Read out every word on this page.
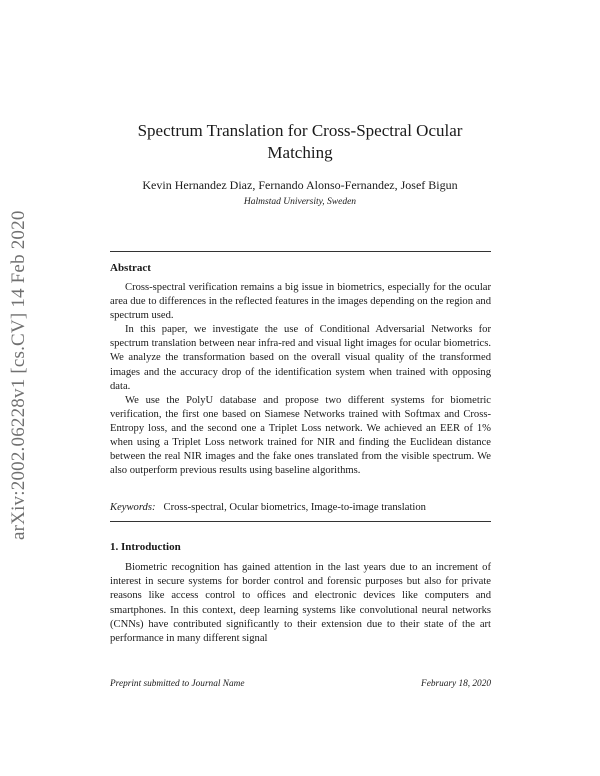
arXiv:2002.06228v1 [cs.CV] 14 Feb 2020
Spectrum Translation for Cross-Spectral Ocular
Matching
Kevin Hernandez Diaz, Fernando Alonso-Fernandez, Josef Bigun
Halmstad University, Sweden
Abstract

Cross-spectral verification remains a big issue in biometrics, especially for the ocular area due to differences in the reflected features in the images depending on the region and spectrum used.

In this paper, we investigate the use of Conditional Adversarial Networks for spectrum translation between near infra-red and visual light images for ocular biometrics. We analyze the transformation based on the overall visual quality of the transformed images and the accuracy drop of the identification system when trained with opposing data.

We use the PolyU database and propose two different systems for biometric verification, the first one based on Siamese Networks trained with Softmax and Cross-Entropy loss, and the second one a Triplet Loss network. We achieved an EER of 1% when using a Triplet Loss network trained for NIR and finding the Euclidean distance between the real NIR images and the fake ones translated from the visible spectrum. We also outperform previous results using baseline algorithms.

Keywords: Cross-spectral, Ocular biometrics, Image-to-image translation
1. Introduction

Biometric recognition has gained attention in the last years due to an increment of interest in secure systems for border control and forensic purposes but also for private reasons like access control to offices and electronic devices like computers and smartphones. In this context, deep learning systems like convolutional neural networks (CNNs) have contributed significantly to their extension due to their state of the art performance in many different signal

Preprint submitted to Journal Name	February 18, 2020
